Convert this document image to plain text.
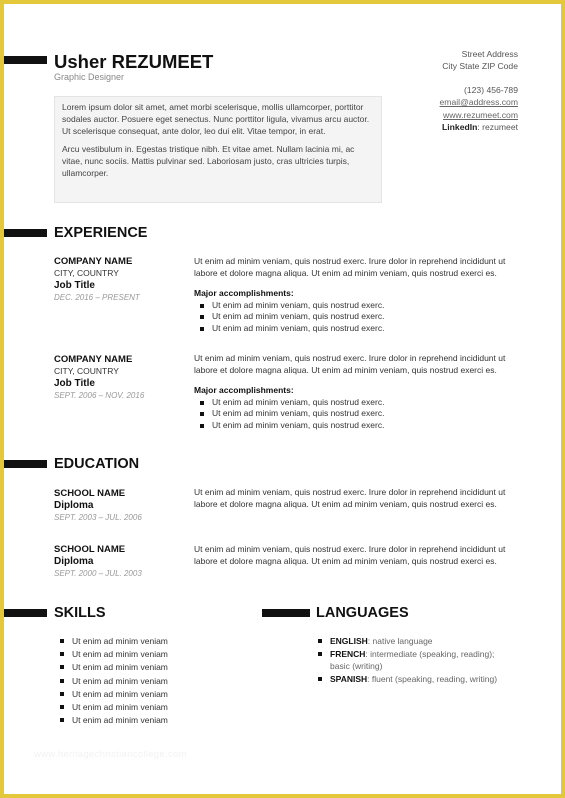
Usher REZUMEET
Graphic Designer
Street Address
City State ZIP Code
(123) 456-789
email@address.com
www.rezumeet.com
LinkedIn: rezumeet

Lorem ipsum dolor sit amet, amet morbi scelerisque, mollis ullamcorper, porttitor sodales auctor. Posuere eget senectus. Nunc porttitor ligula, vivamus arcu auctor. Ut scelerisque consequat, ante dolor, leo dui elit. Vitae tempor, in erat.

Arcu vestibulum in. Egestas tristique nibh. Et vitae amet. Nullam lacinia mi, ac vitae, nunc sociis. Mattis pulvinar sed. Laboriosam justo, cras ultricies turpis, ullamcorper.

EXPERIENCE
COMPANY NAME
CITY, COUNTRY
Job Title
DEC. 2016 – PRESENT
Ut enim ad minim veniam, quis nostrud exerc. Irure dolor in reprehend incididunt ut labore et dolore magna aliqua. Ut enim ad minim veniam, quis nostrud exerci es.
Major accomplishments:
Ut enim ad minim veniam, quis nostrud exerc.
Ut enim ad minim veniam, quis nostrud exerc.
Ut enim ad minim veniam, quis nostrud exerc.
COMPANY NAME
CITY, COUNTRY
Job Title
SEPT. 2006 – NOV. 2016
Ut enim ad minim veniam, quis nostrud exerc. Irure dolor in reprehend incididunt ut labore et dolore magna aliqua. Ut enim ad minim veniam, quis nostrud exerci es.
Major accomplishments:
Ut enim ad minim veniam, quis nostrud exerc.
Ut enim ad minim veniam, quis nostrud exerc.
Ut enim ad minim veniam, quis nostrud exerc.
EDUCATION
SCHOOL NAME
Diploma
SEPT. 2003 – JUL. 2006
Ut enim ad minim veniam, quis nostrud exerc. Irure dolor in reprehend incididunt ut labore et dolore magna aliqua. Ut enim ad minim veniam, quis nostrud exerci es.
SCHOOL NAME
Diploma
SEPT. 2000 – JUL. 2003
Ut enim ad minim veniam, quis nostrud exerc. Irure dolor in reprehend incididunt ut labore et dolore magna aliqua. Ut enim ad minim veniam, quis nostrud exerci es.
SKILLS
Ut enim ad minim veniam
Ut enim ad minim veniam
Ut enim ad minim veniam
Ut enim ad minim veniam
Ut enim ad minim veniam
Ut enim ad minim veniam
Ut enim ad minim veniam
LANGUAGES
ENGLISH: native language
FRENCH: intermediate (speaking, reading); basic (writing)
SPANISH: fluent (speaking, reading, writing)
www.heritagechristiancollege.com
